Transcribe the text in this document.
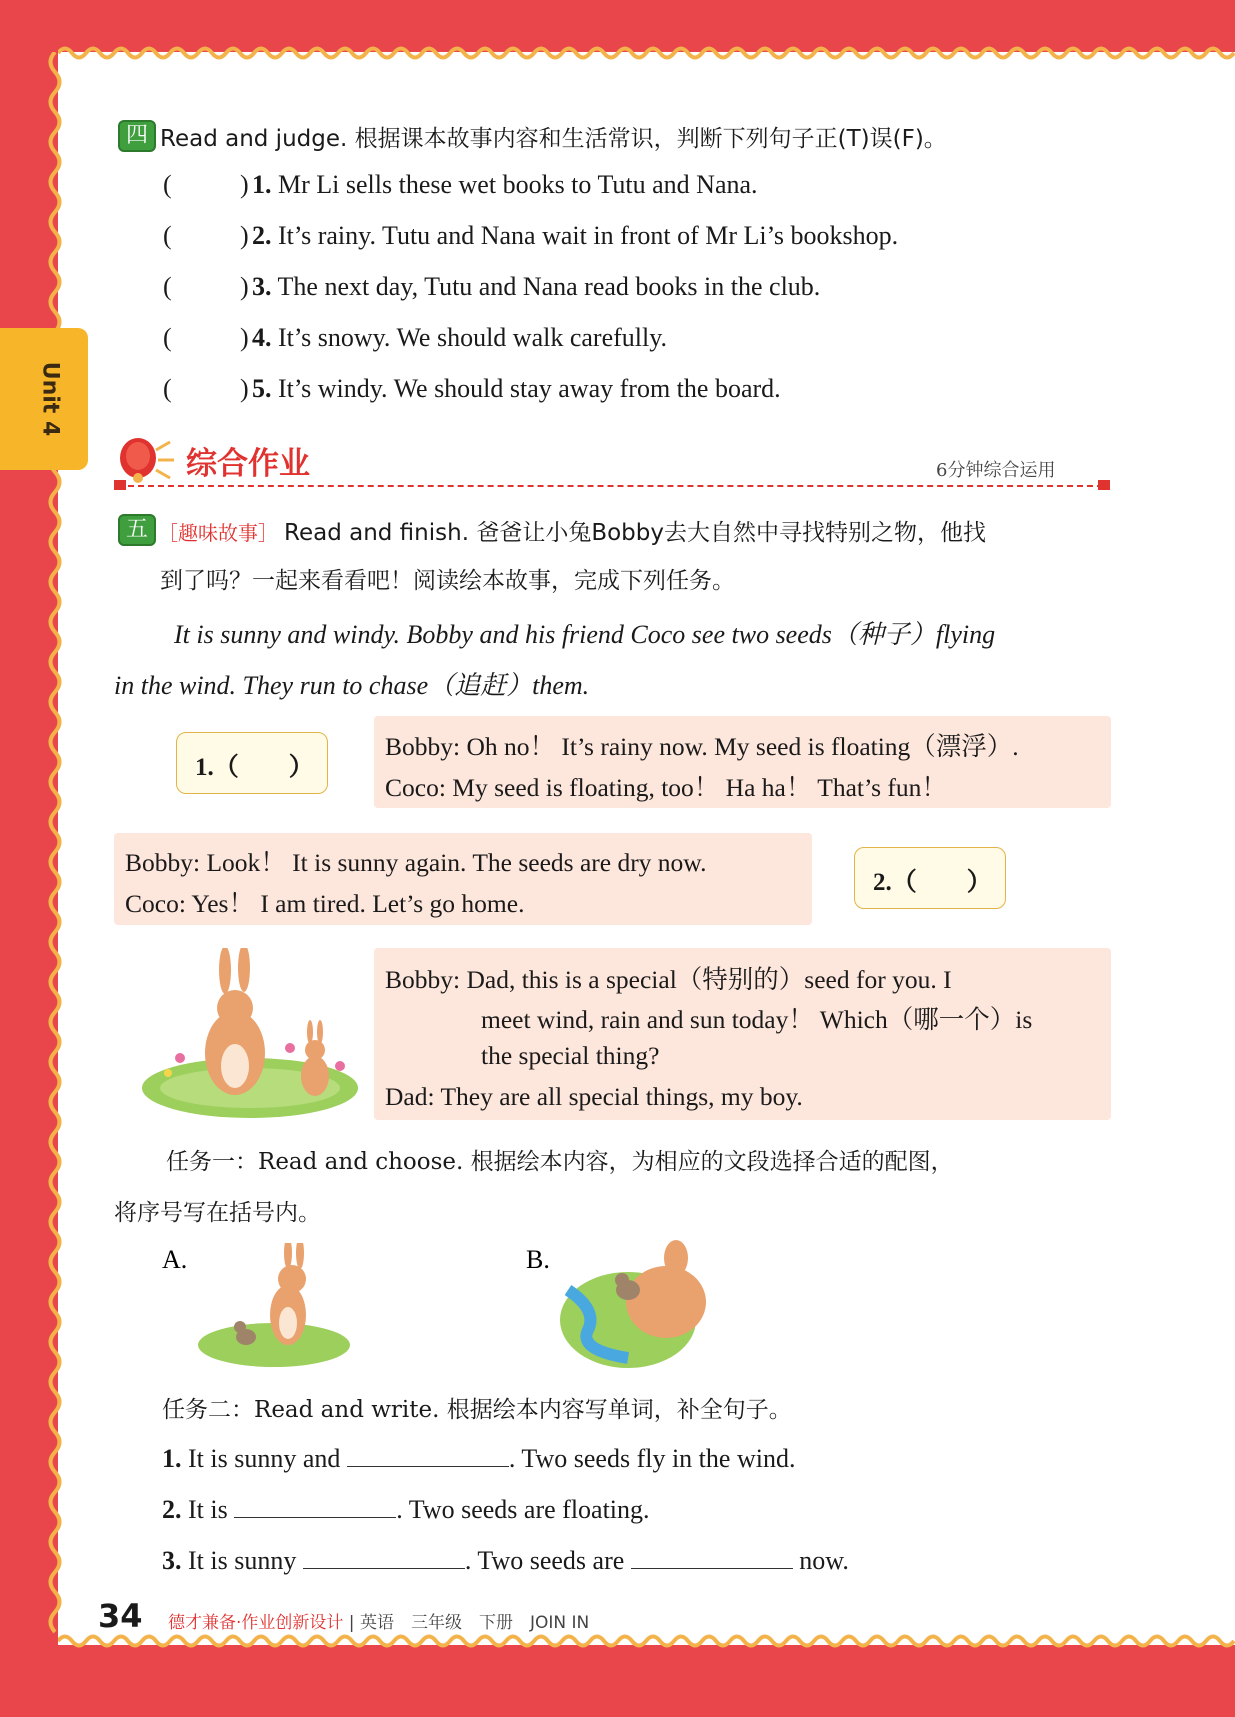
Unit 4
四 Read and judge. 根据课本故事内容和生活常识，判断下列句子正(T)误(F)。
(	) 1. Mr Li sells these wet books to Tutu and Nana.
(	) 2. It’s rainy. Tutu and Nana wait in front of Mr Li’s bookshop.
(	) 3. The next day, Tutu and Nana read books in the club.
(	) 4. It’s snowy. We should walk carefully.
(	) 5. It’s windy. We should stay away from the board.
综合作业	6分钟综合运用
五 ［趣味故事］ Read and finish. 爸爸让小兔Bobby去大自然中寻找特别之物，他找
到了吗？一起来看看吧！阅读绘本故事，完成下列任务。
It is sunny and windy. Bobby and his friend Coco see two seeds（种子）flying
in the wind. They run to chase（追赶）them.
1.（　　）
Bobby: Oh no！ It’s rainy now. My seed is floating（漂浮）.
Coco: My seed is floating, too！ Ha ha！ That’s fun！
Bobby: Look！ It is sunny again. The seeds are dry now.
Coco: Yes！ I am tired. Let’s go home.
2.（　　）
Bobby: Dad, this is a special（特别的）seed for you. I
meet wind, rain and sun today！ Which（哪一个）is
the special thing?
Dad: They are all special things, my boy.
任务一：Read and choose. 根据绘本内容，为相应的文段选择合适的配图，
将序号写在括号内。
A.	B.
任务二：Read and write. 根据绘本内容写单词，补全句子。
1. It is sunny and	. Two seeds fly in the wind.
2. It is	. Two seeds are floating.
3. It is sunny	. Two seeds are	now.
34 德才兼备·作业创新设计 | 英语　三年级　下册　JOIN IN
